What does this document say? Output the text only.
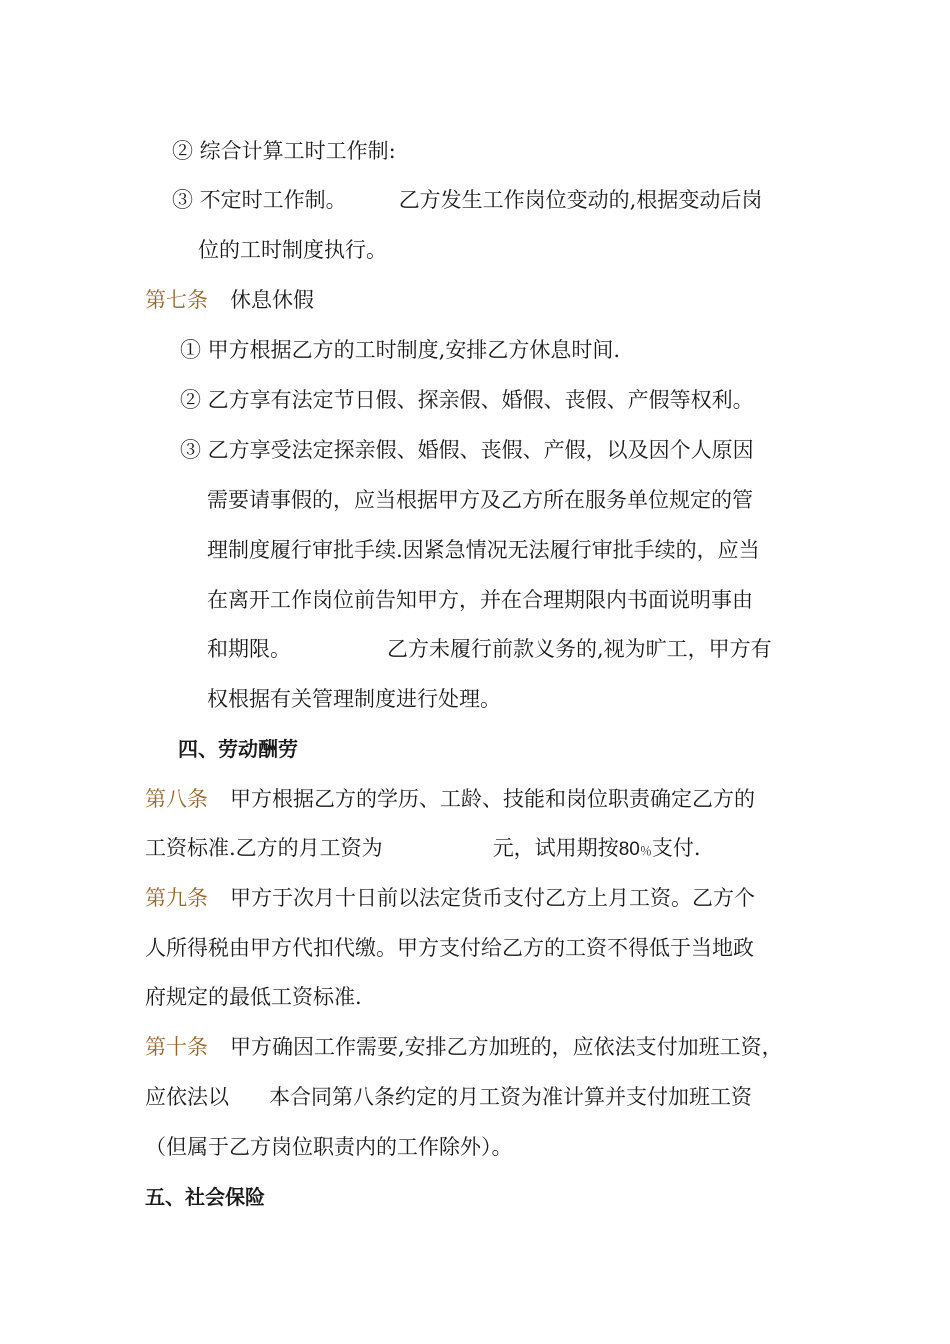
② 综合计算工时工作制:
③ 不定时工作制。 乙方发生工作岗位变动的,根据变动后岗
位的工时制度执行。
第七条 休息休假
① 甲方根据乙方的工时制度,安排乙方休息时间.
② 乙方享有法定节日假、探亲假、婚假、丧假、产假等权利。
③ 乙方享受法定探亲假、婚假、丧假、产假，以及因个人原因
需要请事假的，应当根据甲方及乙方所在服务单位规定的管
理制度履行审批手续.因紧急情况无法履行审批手续的，应当
在离开工作岗位前告知甲方，并在合理期限内书面说明事由
和期限。	乙方未履行前款义务的,视为旷工，甲方有
权根据有关管理制度进行处理。
四、劳动酬劳
第八条 甲方根据乙方的学历、工龄、技能和岗位职责确定乙方的
工资标准.乙方的月工资为	元，试用期按80％支付.
第九条 甲方于次月十日前以法定货币支付乙方上月工资。乙方个
人所得税由甲方代扣代缴。甲方支付给乙方的工资不得低于当地政
府规定的最低工资标准.
第十条 甲方确因工作需要,安排乙方加班的，应依法支付加班工资，
应依法以 本合同第八条约定的月工资为准计算并支付加班工资
（但属于乙方岗位职责内的工作除外）。
五、社会保险
